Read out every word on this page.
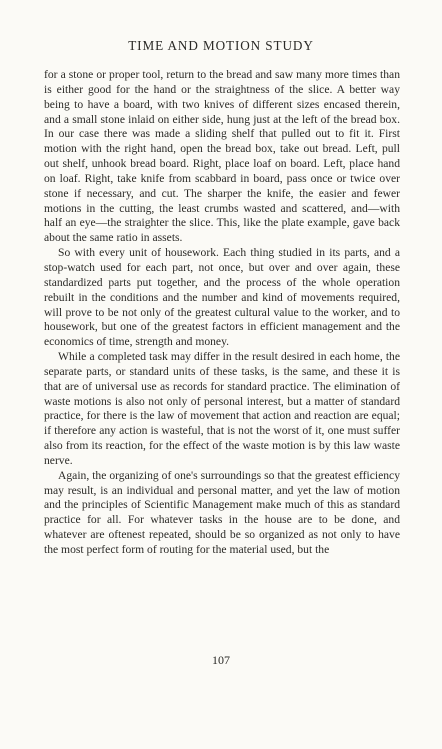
TIME AND MOTION STUDY

for a stone or proper tool, return to the bread and saw many more times than is either good for the hand or the straightness of the slice. A better way being to have a board, with two knives of different sizes encased therein, and a small stone inlaid on either side, hung just at the left of the bread box. In our case there was made a sliding shelf that pulled out to fit it. First motion with the right hand, open the bread box, take out bread. Left, pull out shelf, unhook bread board. Right, place loaf on board. Left, place hand on loaf. Right, take knife from scabbard in board, pass once or twice over stone if necessary, and cut. The sharper the knife, the easier and fewer motions in the cutting, the least crumbs wasted and scattered, and—with half an eye—the straighter the slice. This, like the plate example, gave back about the same ratio in assets.

So with every unit of housework. Each thing studied in its parts, and a stop-watch used for each part, not once, but over and over again, these standardized parts put together, and the process of the whole operation rebuilt in the conditions and the number and kind of movements required, will prove to be not only of the greatest cultural value to the worker, and to housework, but one of the greatest factors in efficient management and the economics of time, strength and money.

While a completed task may differ in the result desired in each home, the separate parts, or standard units of these tasks, is the same, and these it is that are of universal use as records for standard practice. The elimination of waste motions is also not only of personal interest, but a matter of standard practice, for there is the law of movement that action and reaction are equal; if therefore any action is wasteful, that is not the worst of it, one must suffer also from its reaction, for the effect of the waste motion is by this law waste nerve.

Again, the organizing of one's surroundings so that the greatest efficiency may result, is an individual and personal matter, and yet the law of motion and the principles of Scientific Management make much of this as standard practice for all. For whatever tasks in the house are to be done, and whatever are oftenest repeated, should be so organized as not only to have the most perfect form of routing for the material used, but the

107
